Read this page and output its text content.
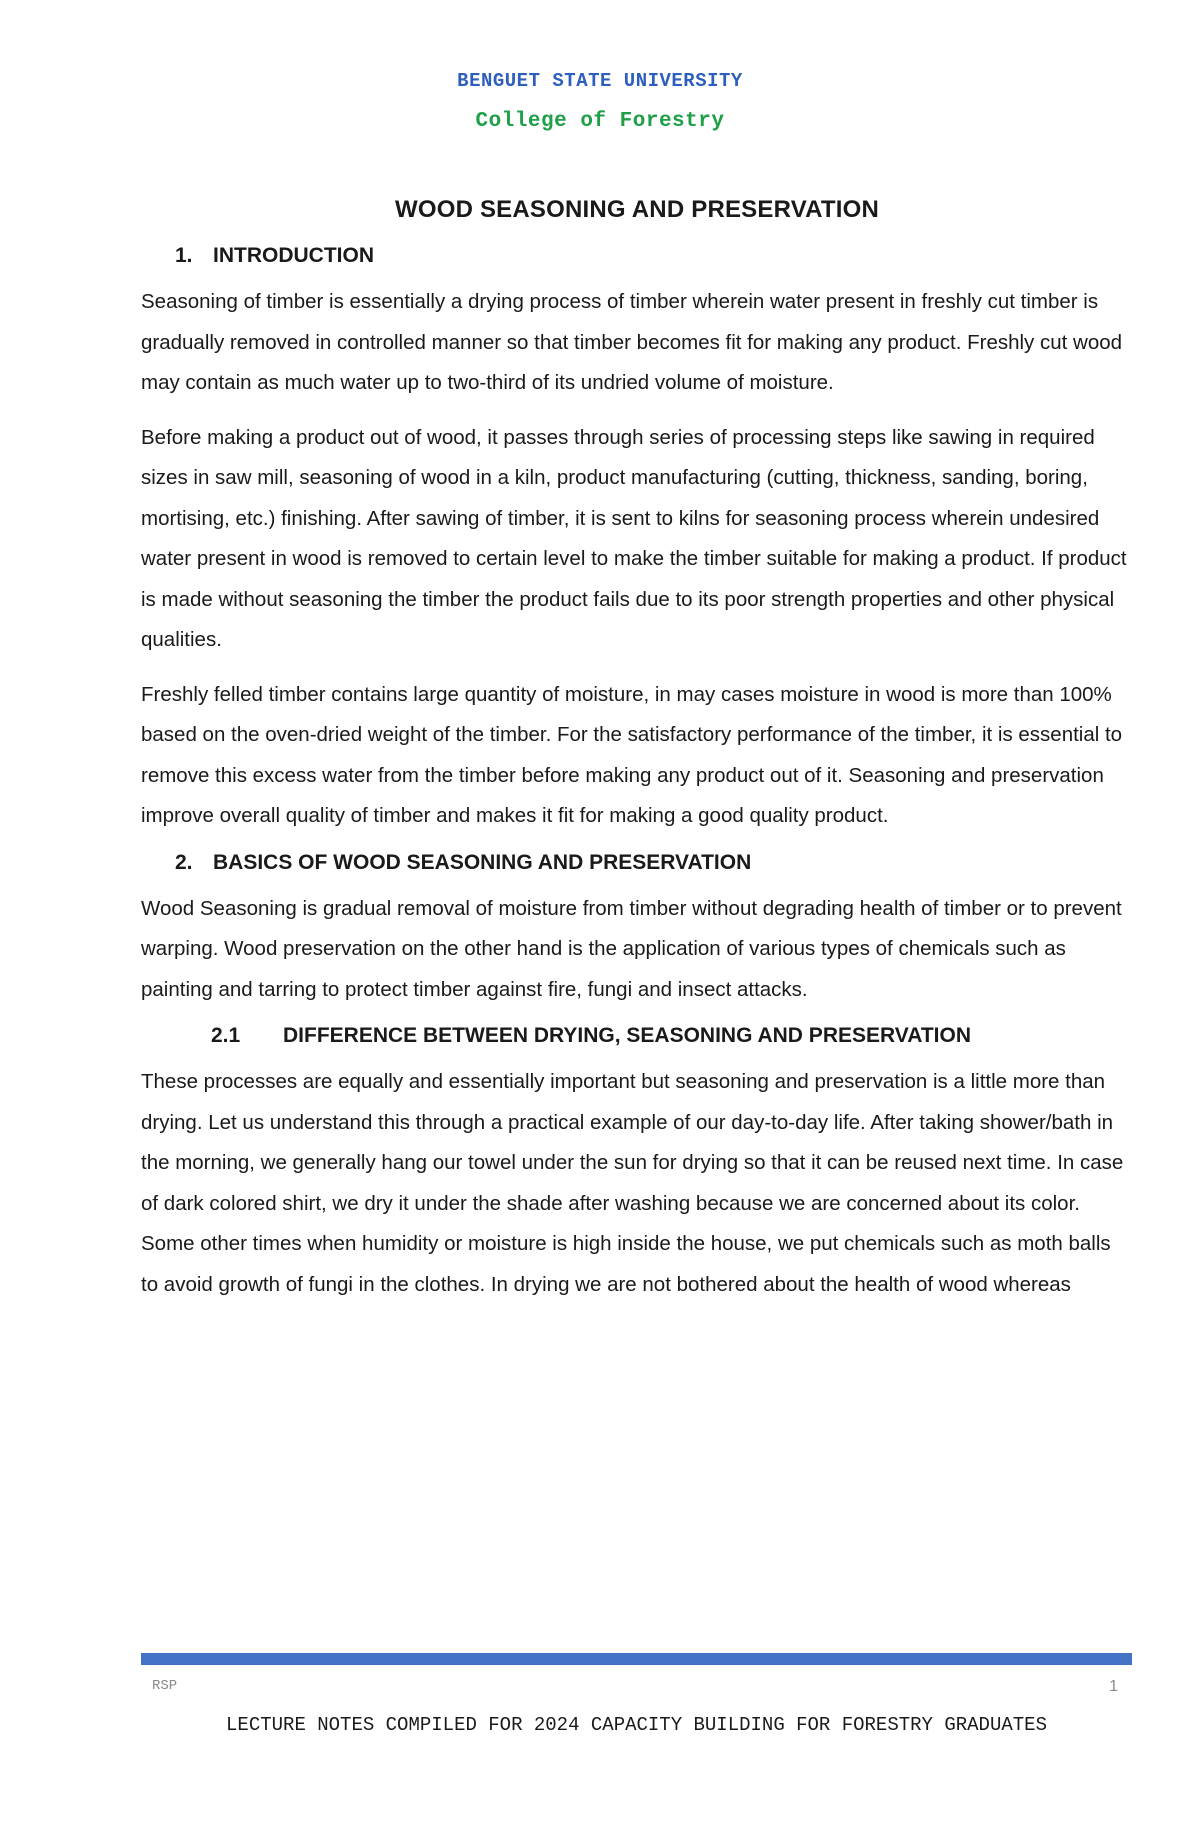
BENGUET STATE UNIVERSITY
College of Forestry
WOOD SEASONING AND PRESERVATION
1. INTRODUCTION

Seasoning of timber is essentially a drying process of timber wherein water present in freshly cut timber is gradually removed in controlled manner so that timber becomes fit for making any product. Freshly cut wood may contain as much water up to two-third of its undried volume of moisture.

Before making a product out of wood, it passes through series of processing steps like sawing in required sizes in saw mill, seasoning of wood in a kiln, product manufacturing (cutting, thickness, sanding, boring, mortising, etc.) finishing. After sawing of timber, it is sent to kilns for seasoning process wherein undesired water present in wood is removed to certain level to make the timber suitable for making a product. If product is made without seasoning the timber the product fails due to its poor strength properties and other physical qualities.

Freshly felled timber contains large quantity of moisture, in may cases moisture in wood is more than 100% based on the oven-dried weight of the timber. For the satisfactory performance of the timber, it is essential to remove this excess water from the timber before making any product out of it. Seasoning and preservation improve overall quality of timber and makes it fit for making a good quality product.

2. BASICS OF WOOD SEASONING AND PRESERVATION

Wood Seasoning is gradual removal of moisture from timber without degrading health of timber or to prevent warping. Wood preservation on the other hand is the application of various types of chemicals such as painting and tarring to protect timber against fire, fungi and insect attacks.

2.1	DIFFERENCE BETWEEN DRYING, SEASONING AND PRESERVATION

These processes are equally and essentially important but seasoning and preservation is a little more than drying. Let us understand this through a practical example of our day-to-day life. After taking shower/bath in the morning, we generally hang our towel under the sun for drying so that it can be reused next time. In case of dark colored shirt, we dry it under the shade after washing because we are concerned about its color. Some other times when humidity or moisture is high inside the house, we put chemicals such as moth balls to avoid growth of fungi in the clothes. In drying we are not bothered about the health of wood whereas

RSP	1
LECTURE NOTES COMPILED FOR 2024 CAPACITY BUILDING FOR FORESTRY GRADUATES
